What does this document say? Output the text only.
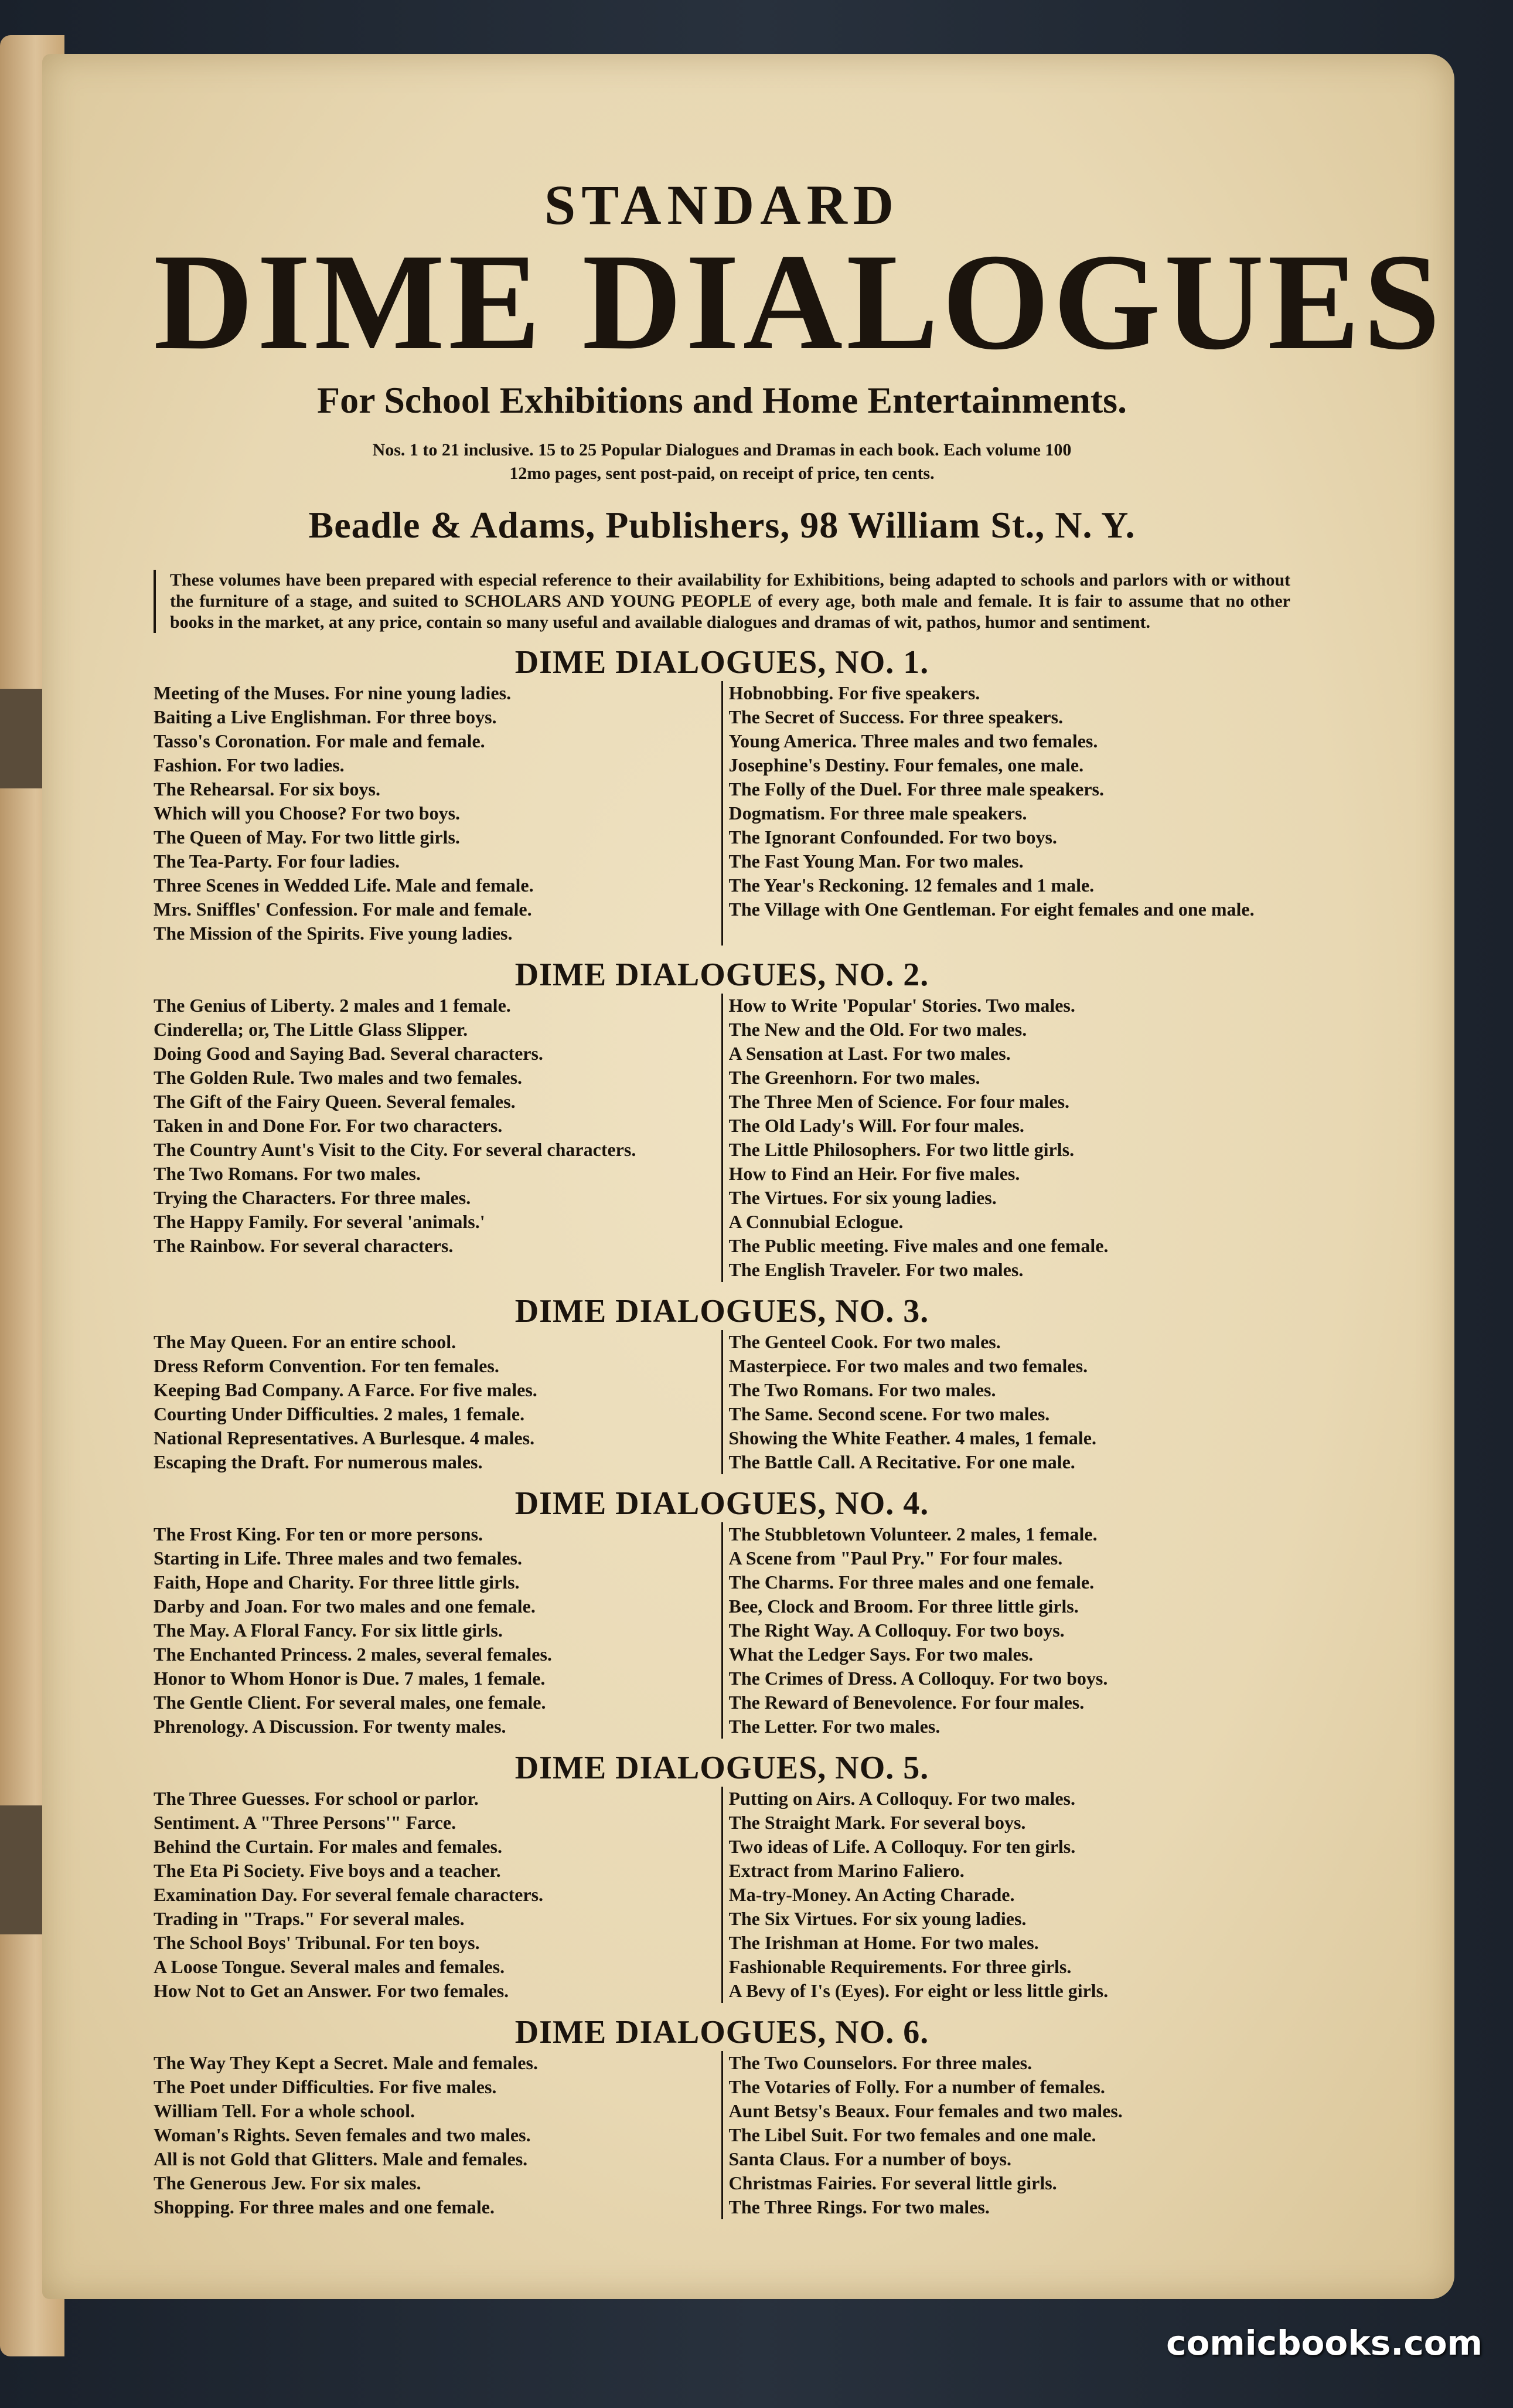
STANDARD
DIME DIALOGUES
For School Exhibitions and Home Entertainments.
Nos. 1 to 21 inclusive. 15 to 25 Popular Dialogues and Dramas in each book. Each volume 100
12mo pages, sent post-paid, on receipt of price, ten cents.
Beadle & Adams, Publishers, 98 William St., N. Y.
These volumes have been prepared with especial reference to their availability for Exhibitions, being adapted to schools and parlors with or without the furniture of a stage, and suited to SCHOLARS AND YOUNG PEOPLE of every age, both male and female. It is fair to assume that no other books in the market, at any price, contain so many useful and available dialogues and dramas of wit, pathos, humor and sentiment.
DIME DIALOGUES, NO. 1.
Meeting of the Muses. For nine young ladies.
Baiting a Live Englishman. For three boys.
Tasso's Coronation. For male and female.
Fashion. For two ladies.
The Rehearsal. For six boys.
Which will you Choose? For two boys.
The Queen of May. For two little girls.
The Tea-Party. For four ladies.
Three Scenes in Wedded Life. Male and female.
Mrs. Sniffles' Confession. For male and female.
The Mission of the Spirits. Five young ladies.
Hobnobbing. For five speakers.
The Secret of Success. For three speakers.
Young America. Three males and two females.
Josephine's Destiny. Four females, one male.
The Folly of the Duel. For three male speakers.
Dogmatism. For three male speakers.
The Ignorant Confounded. For two boys.
The Fast Young Man. For two males.
The Year's Reckoning. 12 females and 1 male.
The Village with One Gentleman. For eight females and one male.
DIME DIALOGUES, NO. 2.
The Genius of Liberty. 2 males and 1 female.
Cinderella; or, The Little Glass Slipper.
Doing Good and Saying Bad. Several characters.
The Golden Rule. Two males and two females.
The Gift of the Fairy Queen. Several females.
Taken in and Done For. For two characters.
The Country Aunt's Visit to the City. For several characters.
The Two Romans. For two males.
Trying the Characters. For three males.
The Happy Family. For several 'animals.'
The Rainbow. For several characters.
How to Write 'Popular' Stories. Two males.
The New and the Old. For two males.
A Sensation at Last. For two males.
The Greenhorn. For two males.
The Three Men of Science. For four males.
The Old Lady's Will. For four males.
The Little Philosophers. For two little girls.
How to Find an Heir. For five males.
The Virtues. For six young ladies.
A Connubial Eclogue.
The Public meeting. Five males and one female.
The English Traveler. For two males.
DIME DIALOGUES, NO. 3.
The May Queen. For an entire school.
Dress Reform Convention. For ten females.
Keeping Bad Company. A Farce. For five males.
Courting Under Difficulties. 2 males, 1 female.
National Representatives. A Burlesque. 4 males.
Escaping the Draft. For numerous males.
The Genteel Cook. For two males.
Masterpiece. For two males and two females.
The Two Romans. For two males.
The Same. Second scene. For two males.
Showing the White Feather. 4 males, 1 female.
The Battle Call. A Recitative. For one male.
DIME DIALOGUES, NO. 4.
The Frost King. For ten or more persons.
Starting in Life. Three males and two females.
Faith, Hope and Charity. For three little girls.
Darby and Joan. For two males and one female.
The May. A Floral Fancy. For six little girls.
The Enchanted Princess. 2 males, several females.
Honor to Whom Honor is Due. 7 males, 1 female.
The Gentle Client. For several males, one female.
Phrenology. A Discussion. For twenty males.
The Stubbletown Volunteer. 2 males, 1 female.
A Scene from "Paul Pry." For four males.
The Charms. For three males and one female.
Bee, Clock and Broom. For three little girls.
The Right Way. A Colloquy. For two boys.
What the Ledger Says. For two males.
The Crimes of Dress. A Colloquy. For two boys.
The Reward of Benevolence. For four males.
The Letter. For two males.
DIME DIALOGUES, NO. 5.
The Three Guesses. For school or parlor.
Sentiment. A "Three Persons'" Farce.
Behind the Curtain. For males and females.
The Eta Pi Society. Five boys and a teacher.
Examination Day. For several female characters.
Trading in "Traps." For several males.
The School Boys' Tribunal. For ten boys.
A Loose Tongue. Several males and females.
How Not to Get an Answer. For two females.
Putting on Airs. A Colloquy. For two males.
The Straight Mark. For several boys.
Two ideas of Life. A Colloquy. For ten girls.
Extract from Marino Faliero.
Ma-try-Money. An Acting Charade.
The Six Virtues. For six young ladies.
The Irishman at Home. For two males.
Fashionable Requirements. For three girls.
A Bevy of I's (Eyes). For eight or less little girls.
DIME DIALOGUES, NO. 6.
The Way They Kept a Secret. Male and females.
The Poet under Difficulties. For five males.
William Tell. For a whole school.
Woman's Rights. Seven females and two males.
All is not Gold that Glitters. Male and females.
The Generous Jew. For six males.
Shopping. For three males and one female.
The Two Counselors. For three males.
The Votaries of Folly. For a number of females.
Aunt Betsy's Beaux. Four females and two males.
The Libel Suit. For two females and one male.
Santa Claus. For a number of boys.
Christmas Fairies. For several little girls.
The Three Rings. For two males.
comicbooks.com
